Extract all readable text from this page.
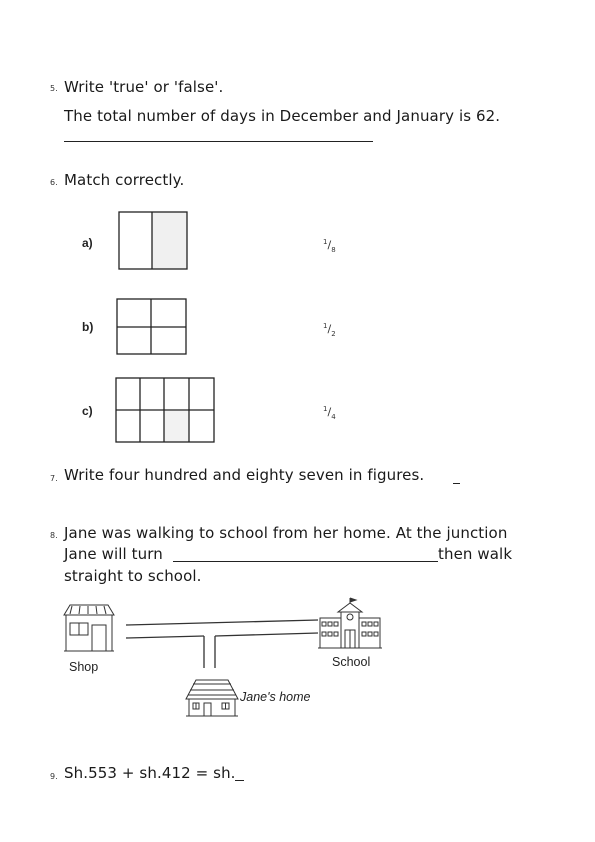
5. Write 'true' or 'false'.
The total number of days in December and January is 62.
6. Match correctly.
a)
b)
c)
$^1/_8$
$^1/_2$
$^1/_4$
7. Write four hundred and eighty seven in figures.
8. Jane was walking to school from her home. At the junction
Jane will turn	then walk
straight to school.
Shop	School
Jane's home
9. Sh.553 + sh.412 = sh.
